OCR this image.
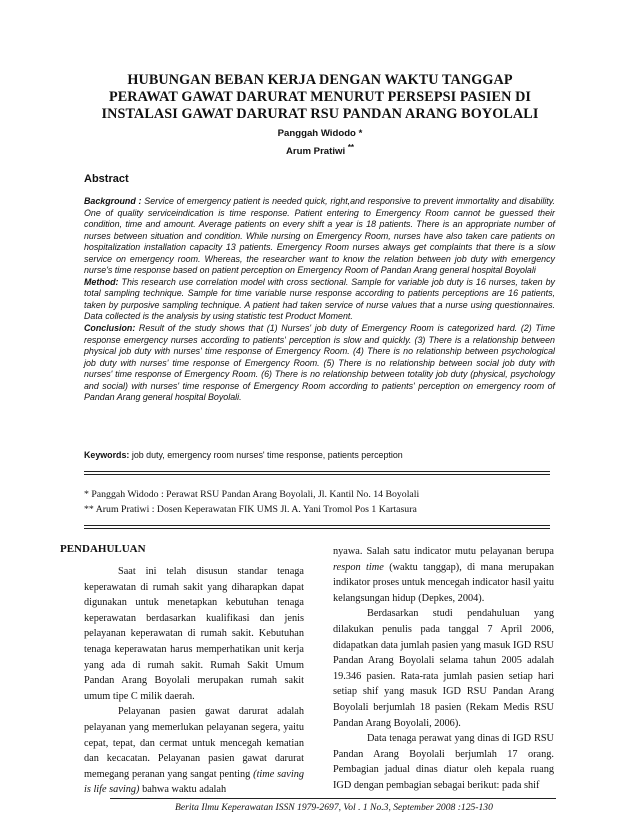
HUBUNGAN BEBAN KERJA DENGAN WAKTU TANGGAP
PERAWAT GAWAT DARURAT MENURUT PERSEPSI PASIEN DI
INSTALASI GAWAT DARURAT RSU PANDAN ARANG BOYOLALI
Panggah Widodo *
Arum Pratiwi **
Abstract

Background : Service of emergency patient is needed quick, right,and responsive to prevent immortality and disability. One of quality serviceindication is time response. Patient entering to Emergency Room cannot be guessed their condition, time and amount. Average patients on every shift a year is 18 patients. There is an appropriate number of nurses between situation and condition. While nursing on Emergency Room, nurses have also taken care patients on hospitalization installation capacity 13 patients. Emergency Room nurses always get complaints that there is a slow service on emergency room. Whereas, the researcher want to know the relation between job duty with emergency nurse's time response based on patient perception on Emergency Room of Pandan Arang general hospital Boyolali

Method: This research use correlation model with cross sectional. Sample for variable job duty is 16 nurses, taken by total sampling technique. Sample for time variable nurse response according to patients perceptions are 16 patients, taken by purposive sampling technique. A patient had taken service of nurse values that a nurse using questionnaires. Data collected is the analysis by using statistic test Product Moment.

Conclusion: Result of the study shows that (1) Nurses' job duty of Emergency Room is categorized hard. (2) Time response emergency nurses according to patients' perception is slow and quickly. (3) There is a relationship between physical job duty with nurses' time response of Emergency Room. (4) There is no relationship between psychological job duty with nurses' time response of Emergency Room. (5) There is no relationship between social job duty with nurses' time response of Emergency Room. (6) There is no relationship between totality job duty (physical, psychology and social) with nurses' time response of Emergency Room according to patients' perception on emergency room of Pandan Arang general hospital Boyolali.

Keywords: job duty, emergency room nurses' time response, patients perception
* Panggah Widodo : Perawat RSU Pandan Arang Boyolali, Jl. Kantil No. 14 Boyolali
** Arum Pratiwi : Dosen Keperawatan FIK UMS Jl. A. Yani Tromol Pos 1 Kartasura
PENDAHULUAN

Saat ini telah disusun standar tenaga keperawatan di rumah sakit yang diharapkan dapat digunakan untuk menetapkan kebutuhan tenaga keperawatan berdasarkan kualifikasi dan jenis pelayanan keperawatan di rumah sakit. Kebutuhan tenaga keperawatan harus memperhatikan unit kerja yang ada di rumah sakit. Rumah Sakit Umum Pandan Arang Boyolali merupakan rumah sakit umum tipe C milik daerah.

Pelayanan pasien gawat darurat adalah pelayanan yang memerlukan pelayanan segera, yaitu cepat, tepat, dan cermat untuk mencegah kematian dan kecacatan. Pelayanan pasien gawat darurat memegang peranan yang sangat penting (time saving is life saving) bahwa waktu adalah

nyawa. Salah satu indicator mutu pelayanan berupa respon time (waktu tanggap), di mana merupakan indikator proses untuk mencegah indicator hasil yaitu kelangsungan hidup (Depkes, 2004).

Berdasarkan studi pendahuluan yang dilakukan penulis pada tanggal 7 April 2006, didapatkan data jumlah pasien yang masuk IGD RSU Pandan Arang Boyolali selama tahun 2005 adalah 19.346 pasien. Rata-rata jumlah pasien setiap hari setiap shif yang masuk IGD RSU Pandan Arang Boyolali berjumlah 18 pasien (Rekam Medis RSU Pandan Arang Boyolali, 2006).

Data tenaga perawat yang dinas di IGD RSU Pandan Arang Boyolali berjumlah 17 orang. Pembagian jadual dinas diatur oleh kepala ruang IGD dengan pembagian sebagai berikut: pada shif

Berita Ilmu Keperawatan ISSN 1979-2697, Vol . 1 No.3, September 2008 :125-130
